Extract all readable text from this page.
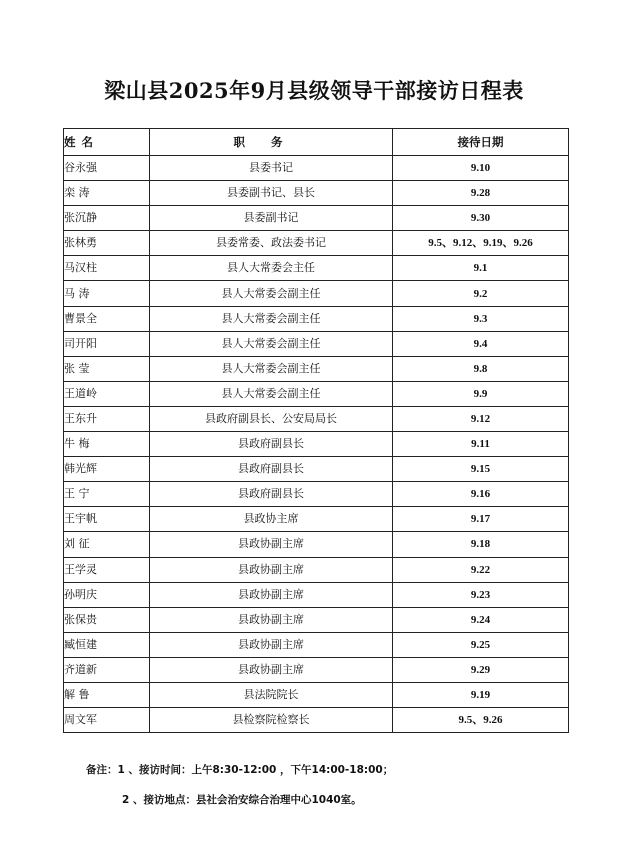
梁山县2025年9月县级领导干部接访日程表
姓名	职务	接待日期
谷永强	县委书记	9.10
栾 涛	县委副书记、县长	9.28
张沉静	县委副书记	9.30
张林勇	县委常委、政法委书记	9.5、9.12、9.19、9.26
马汉柱	县人大常委会主任	9.1
马 涛	县人大常委会副主任	9.2
曹景全	县人大常委会副主任	9.3
司开阳	县人大常委会副主任	9.4
张 莹	县人大常委会副主任	9.8
王道岭	县人大常委会副主任	9.9
王东升	县政府副县长、公安局局长	9.12
牛 梅	县政府副县长	9.11
韩光辉	县政府副县长	9.15
王 宁	县政府副县长	9.16
王宇帆	县政协主席	9.17
刘 征	县政协副主席	9.18
王学灵	县政协副主席	9.22
孙明庆	县政协副主席	9.23
张保贵	县政协副主席	9.24
臧恒建	县政协副主席	9.25
齐道新	县政协副主席	9.29
解 鲁	县法院院长	9.19
周文军	县检察院检察长	9.5、9.26
备注：1 、接访时间：上午8:30-12:00 ，下午14:00-18:00；
2 、接访地点：县社会治安综合治理中心1040室。
